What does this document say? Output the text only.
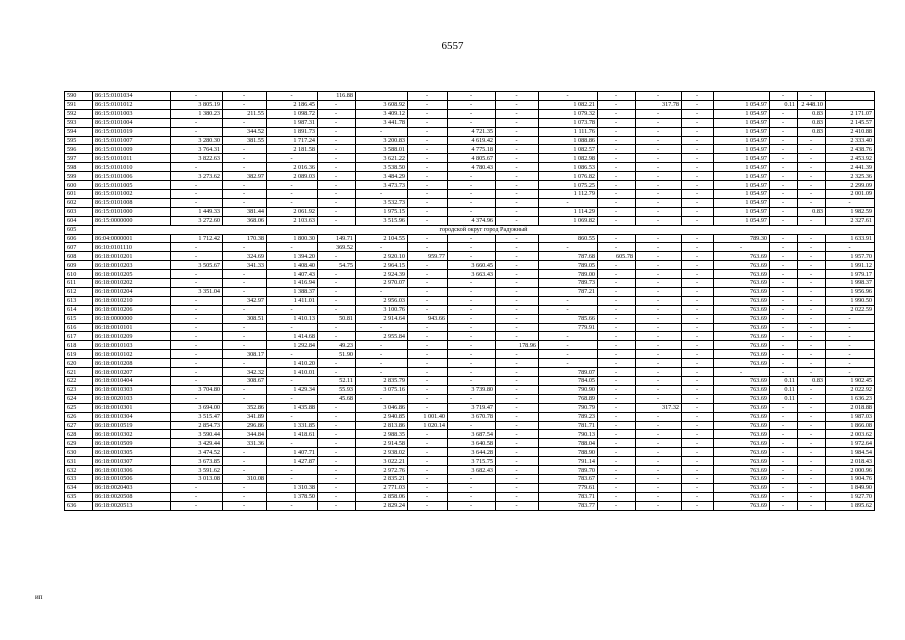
6557
590	86:15:0101034	-	-	-	116.88		-	-	-	-	-	-	-		-	-	
591	86:15:0101012	3 805.19	-	2 186.45	-	3 608.92	-	-	-	1 082.21	-	317.78	-	1 054.97	0.11	2 448.10	
592	86:15:0101003	1 380.23	211.55	1 098.72	-	3 409.12	-	-	-	1 079.32	-	-	-	1 054.97	-	0.83	2 171.07
593	86:15:0101004	-	-	1 987.31	-	3 441.78	-	-	-	1 073.78	-	-	-	1 054.97	-	0.83	2 145.57
594	86:15:0101019	-	344.52	1 891.73	-	-	-	4 721.35	-	1 111.76	-	-	-	1 054.97	-	0.83	2 410.88
595	86:15:0101007	3 280.30	381.55	1 717.24	-	3 200.83	-	4 619.42	-	1 088.86	-	-	-	1 054.97	-	-	2 333.40
596	86:15:0101009	3 764.31	-	2 181.58	-	3 588.01	-	4 775.18	-	1 082.57	-	-	-	1 054.97	-	-	2 438.76
597	86:15:0101011	3 822.63	-	-	-	3 621.22	-	4 805.67	-	1 082.98	-	-	-	1 054.97	-	-	2 453.92
598	86:15:0101010	-	-	2 016.36	-	3 538.50	-	4 780.43	-	1 086.53	-	-	-	1 054.97	-	-	2 441.39
599	86:15:0101006	3 273.62	382.97	2 089.03	-	3 484.29	-	-	-	1 076.82	-	-	-	1 054.97	-	-	2 325.36
600	86:15:0101005	-	-	-	-	3 473.73	-	-	-	1 075.25	-	-	-	1 054.97	-	-	2 299.09
601	86:15:0101002	-	-	-	-	-	-	-	-	1 112.79	-	-	-	1 054.97	-	-	2 001.09
602	86:15:0101008	-	-	-	-	3 532.73	-	-	-	-	-	-	-	1 054.97	-	-	-
603	86:15:0101000	1 449.33	381.44	2 061.92	-	1 975.15	-	-	-	1 114.29	-	-	-	1 054.97	-	0.83	1 982.59
604	86:15:0000000	3 272.60	368.06	2 103.63	-	3 515.96	-	4 374.96	-	1 069.82	-	-	-	1 054.97	-	-	2 327.61
605	городской округ город Радужный																
606	86:04:0000001	1 712.42	170.38	1 800.30	149.71	2 104.55	-	-	-	860.55	-	-	-	789.30	-	-	1 633.91
607	86:10:0101110	-	-	-	369.52	-	-	-	-	-	-	-	-	-	-	-	-
608	86:18:0010201	-	324.69	1 394.20	-	2 920.10	959.77	-	-	787.68	605.78	-	-	763.69	-	-	1 957.70
609	86:18:0010203	3 505.67	341.33	1 408.40	54.75	2 964.15	-	3 660.45	-	789.05	-	-	-	763.69	-	-	1 991.12
610	86:18:0010205	-	-	1 407.43	-	2 924.39	-	3 663.43	-	789.00	-	-	-	763.69	-	-	1 979.17
611	86:18:0010202	-	-	1 416.94	-	2 970.07	-	-	-	789.73	-	-	-	763.69	-	-	1 998.37
612	86:18:0010204	3 351.04	-	1 388.37	-	-	-	-	-	787.21	-	-	-	763.69	-	-	1 956.96
613	86:18:0010210	-	342.97	1 411.01	-	2 956.03	-	-	-	-	-	-	-	763.69	-	-	1 990.50
614	86:18:0010206	-	-	-	-	3 100.76	-	-	-	-	-	-	-	763.69	-	-	2 022.59
615	86:18:0000000	-	308.51	1 410.13	50.81	2 914.64	943.66	-	-	785.66	-	-	-	763.69	-	-	-
616	86:18:0010101	-	-	-	-	-	-	-	-	779.91	-	-	-	763.69	-	-	-
617	86:18:0010209	-	-	1 414.68	-	2 955.84	-	-	-	-	-	-	-	763.69	-	-	-
618	86:18:0010103	-	-	1 292.84	49.23	-	-	-	178.96	-	-	-	-	763.69	-	-	-
619	86:18:0010102	-	308.17	-	51.90	-	-	-	-	-	-	-	-	763.69	-	-	-
620	86:18:0010208	-	-	1 410.20	-	-	-	-	-	-	-	-	-	763.69	-	-	-
621	86:18:0010207	-	342.32	1 410.01	-	-	-	-	-	789.07	-	-	-	-	-	-	-
622	86:18:0010404	-	308.67	-	52.11	2 835.79	-	-	-	784.05	-	-	-	763.69	0.11	0.83	1 902.45
623	86:18:0010303	3 704.80	-	1 429.34	55.93	3 075.16	-	3 739.80	-	790.90	-	-	-	763.69	0.11	-	2 022.92
624	86:18:0020103	-	-	-	45.68	-	-	-	-	768.89	-	-	-	763.69	0.11	-	1 636.23
625	86:18:0010301	3 694.00	352.86	1 435.88	-	3 046.86	-	3 719.47	-	790.79	-	317.32	-	763.69	-	-	2 018.88
626	86:18:0010304	3 515.47	341.89	-	-	2 940.85	1 001.40	3 670.78	-	789.23	-	-	-	763.69	-	-	1 987.03
627	86:18:0010519	2 854.73	296.86	1 331.85	-	2 813.86	1 020.14	-	-	781.71	-	-	-	763.69	-	-	1 866.08
628	86:18:0010302	3 590.44	344.84	1 418.61	-	2 988.35	-	3 687.54	-	790.13	-	-	-	763.69	-	-	2 003.62
629	86:18:0010509	3 429.44	331.36	-	-	2 914.58	-	3 640.58	-	788.04	-	-	-	763.69	-	-	1 972.64
630	86:18:0010305	3 474.52	-	1 407.71	-	2 938.02	-	3 644.28	-	788.90	-	-	-	763.69	-	-	1 984.54
631	86:18:0010307	3 673.85	-	1 427.87	-	3 022.21	-	3 715.75	-	791.14	-	-	-	763.69	-	-	2 018.43
632	86:18:0010306	3 591.62	-	-	-	2 972.76	-	3 682.43	-	789.70	-	-	-	763.69	-	-	2 000.96
633	86:18:0010506	3 013.08	310.08	-	-	2 835.21	-	-	-	783.67	-	-	-	763.69	-	-	1 904.76
634	86:18:0020403	-	-	1 310.38	-	2 771.03	-	-	-	779.61	-	-	-	763.69	-	-	1 849.90
635	86:18:0020508	-	-	1 378.50	-	2 858.06	-	-	-	783.71	-	-	-	763.69	-	-	1 927.70
636	86:18:0020513	-	-	-	-	2 829.24	-	-	-	783.77	-	-	-	763.69	-	-	1 895.62
ип
